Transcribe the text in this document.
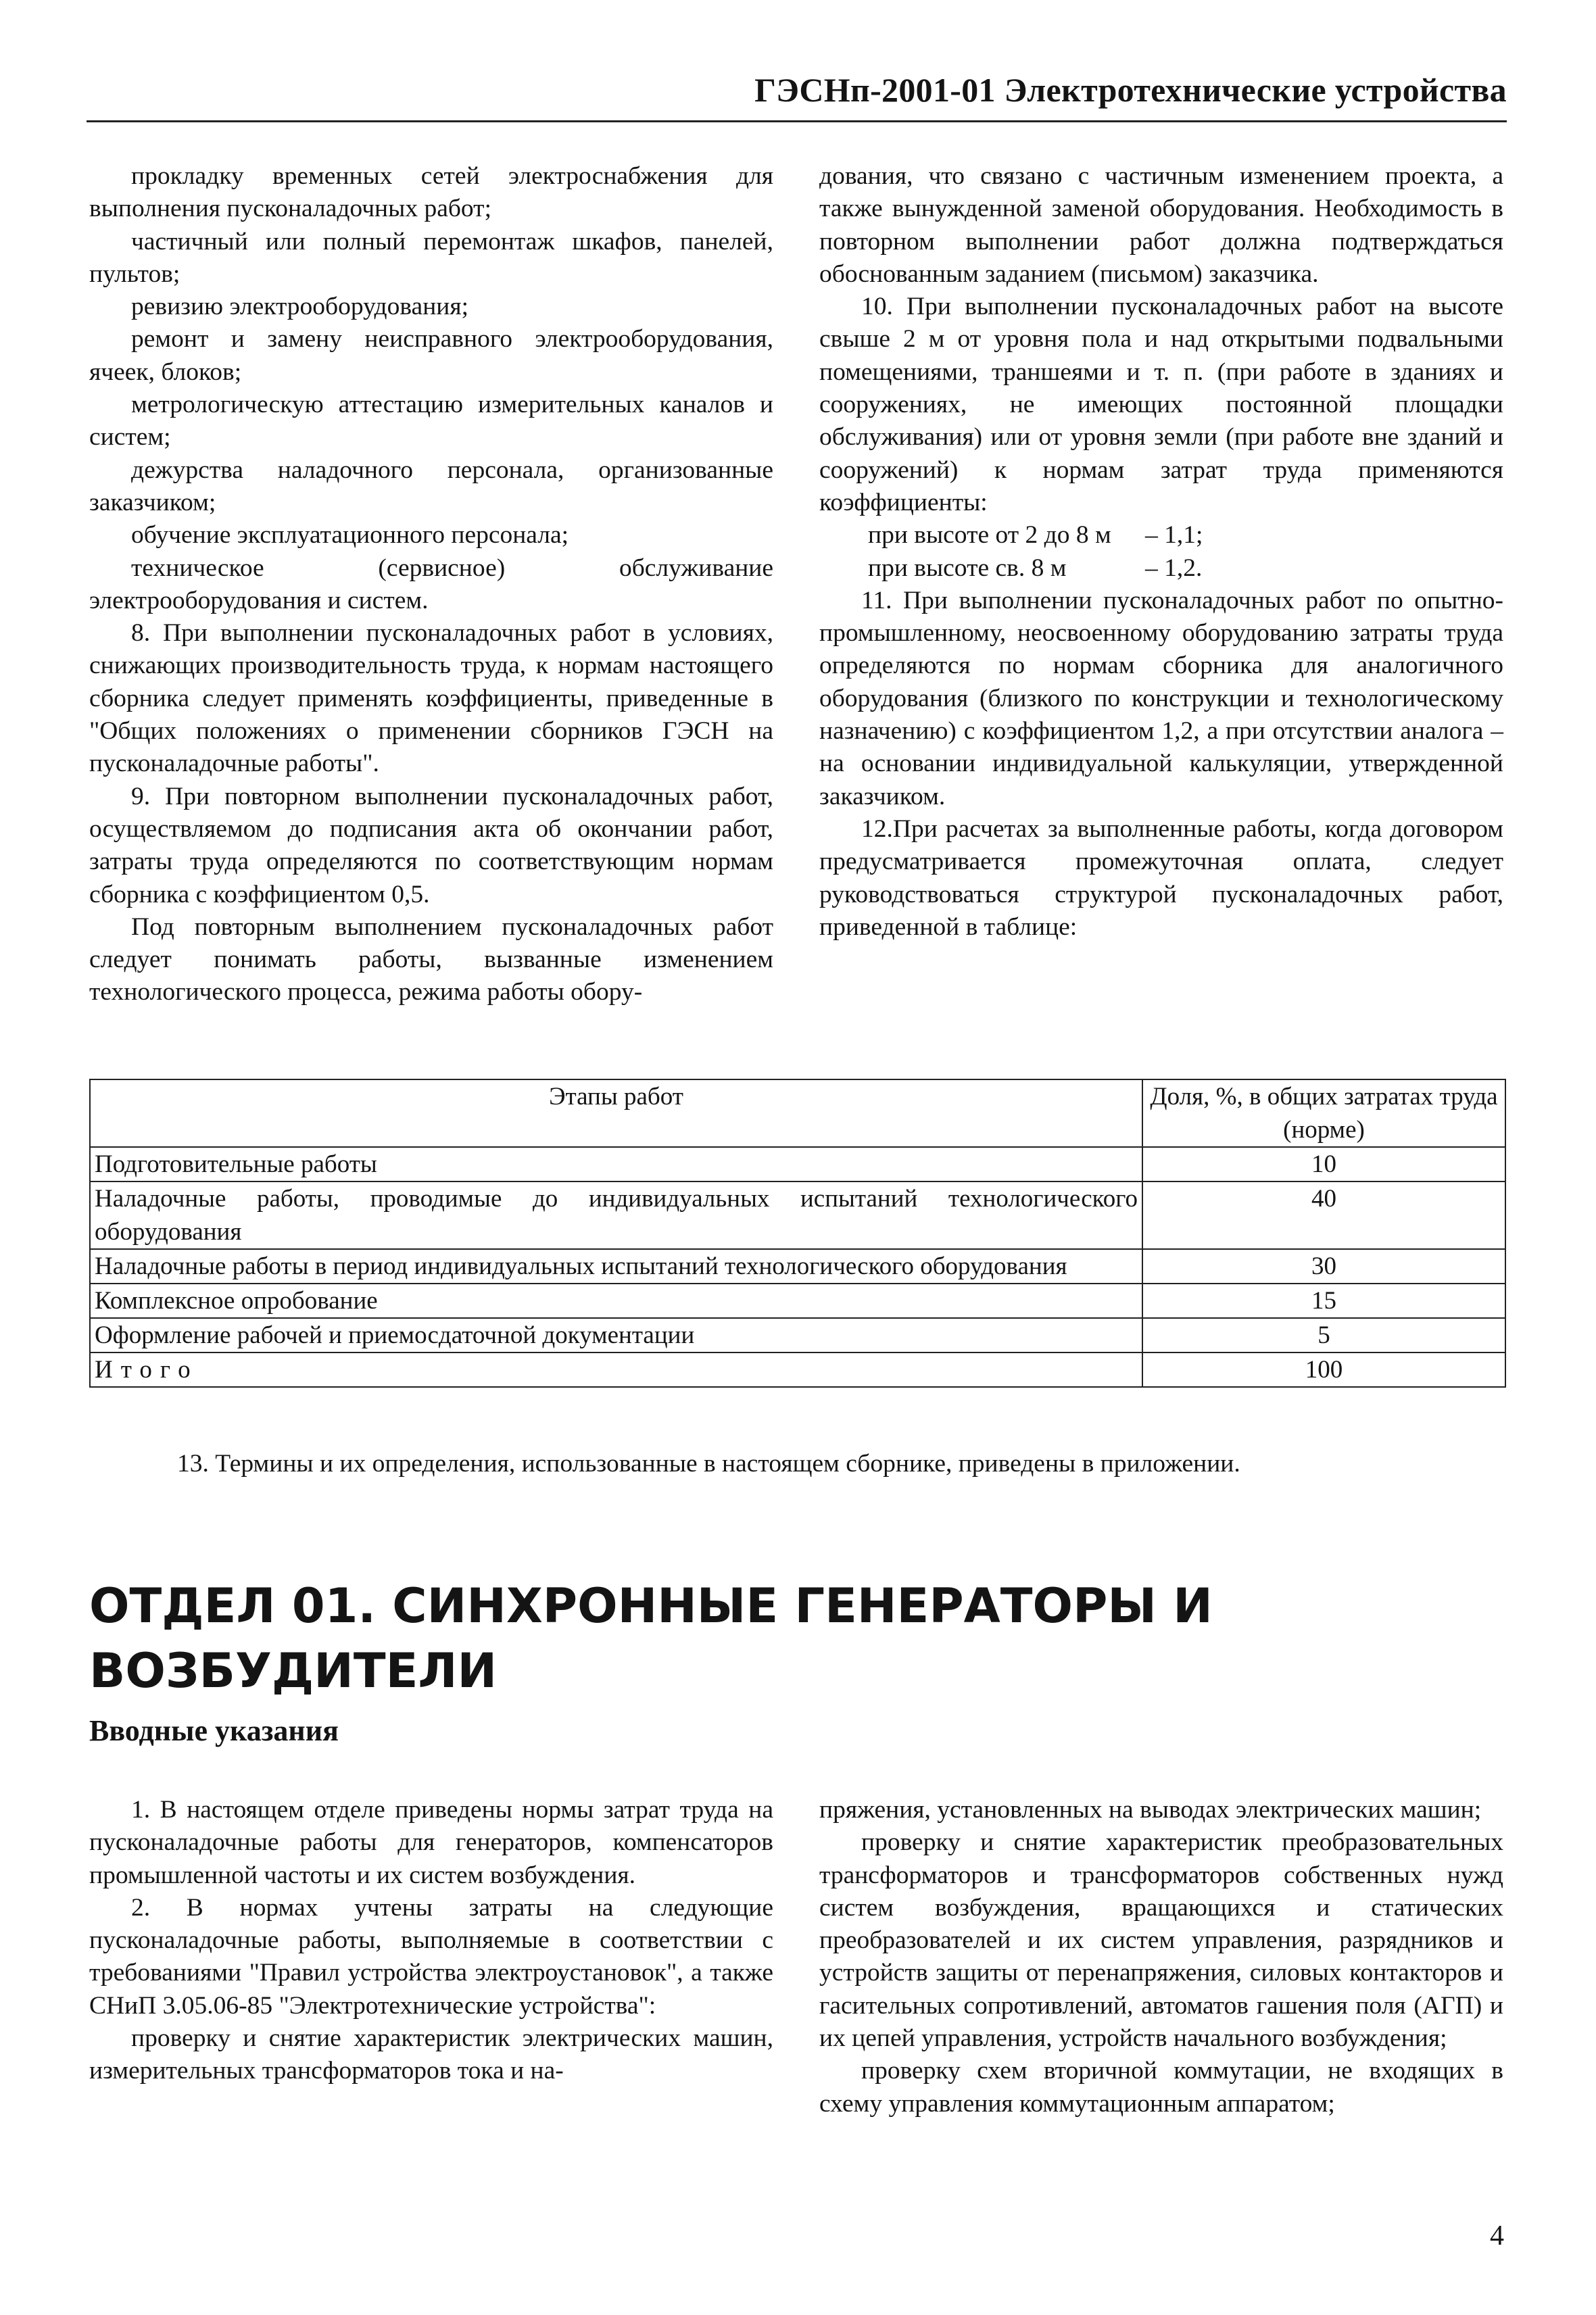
ГЭСНп-2001-01 Электротехнические устройства

прокладку временных сетей электроснабжения для выполнения пусконаладочных работ;

частичный или полный перемонтаж шкафов, панелей, пультов;

ревизию электрооборудования;

ремонт и замену неисправного электрооборудования, ячеек, блоков;

метрологическую аттестацию измерительных каналов и систем;

дежурства наладочного персонала, организованные заказчиком;

обучение эксплуатационного персонала;

техническое (сервисное) обслуживание электрооборудования и систем.

8. При выполнении пусконаладочных работ в условиях, снижающих производительность труда, к нормам настоящего сборника следует применять коэффициенты, приведенные в "Общих положениях о применении сборников ГЭСН на пусконаладочные работы".

9. При повторном выполнении пусконаладочных работ, осуществляемом до подписания акта об окончании работ, затраты труда определяются по соответствующим нормам сборника с коэффициентом 0,5.

Под повторным выполнением пусконаладочных работ следует понимать работы, вызванные изменением технологического процесса, режима работы обору-

дования, что связано с частичным изменением проекта, а также вынужденной заменой оборудования. Необходимость в повторном выполнении работ должна подтверждаться обоснованным заданием (письмом) заказчика.

10. При выполнении пусконаладочных работ на высоте свыше 2 м от уровня пола и над открытыми подвальными помещениями, траншеями и т. п. (при работе в зданиях и сооружениях, не имеющих постоянной площадки обслуживания) или от уровня земли (при работе вне зданий и сооружений) к нормам затрат труда применяются коэффициенты:

при высоте от 2 до 8 м	– 1,1;
при высоте св. 8 м	– 1,2.

11. При выполнении пусконаладочных работ по опытно-промышленному, неосвоенному оборудованию затраты труда определяются по нормам сборника для аналогичного оборудования (близкого по конструкции и технологическому назначению) с коэффициентом 1,2, а при отсутствии аналога – на основании индивидуальной калькуляции, утвержденной заказчиком.

12.При расчетах за выполненные работы, когда договором предусматривается промежуточная оплата, следует руководствоваться структурой пусконаладочных работ, приведенной в таблице:

Этапы работ	Доля, %, в общих затратах труда (норме)
Подготовительные работы	10
Наладочные работы, проводимые до индивидуальных испытаний технологического оборудования	40
Наладочные работы в период индивидуальных испытаний технологического оборудования	30
Комплексное опробование	15
Оформление рабочей и приемосдаточной документации	5
Итого	100
13. Термины и их определения, использованные в настоящем сборнике, приведены в приложении.
ОТДЕЛ 01. СИНХРОННЫЕ ГЕНЕРАТОРЫ И ВОЗБУДИТЕЛИ
Вводные указания

1. В настоящем отделе приведены нормы затрат труда на пусконаладочные работы для генераторов, компенсаторов промышленной частоты и их систем возбуждения.

2. В нормах учтены затраты на следующие пусконаладочные работы, выполняемые в соответствии с требованиями "Правил устройства электроустановок", а также СНиП 3.05.06-85 "Электротехнические устройства":

проверку и снятие характеристик электрических машин, измерительных трансформаторов тока и на-

пряжения, установленных на выводах электрических машин;

проверку и снятие характеристик преобразовательных трансформаторов и трансформаторов собственных нужд систем возбуждения, вращающихся и статических преобразователей и их систем управления, разрядников и устройств защиты от перенапряжения, силовых контакторов и гасительных сопротивлений, автоматов гашения поля (АГП) и их цепей управления, устройств начального возбуждения;

проверку схем вторичной коммутации, не входящих в схему управления коммутационным аппаратом;

4
